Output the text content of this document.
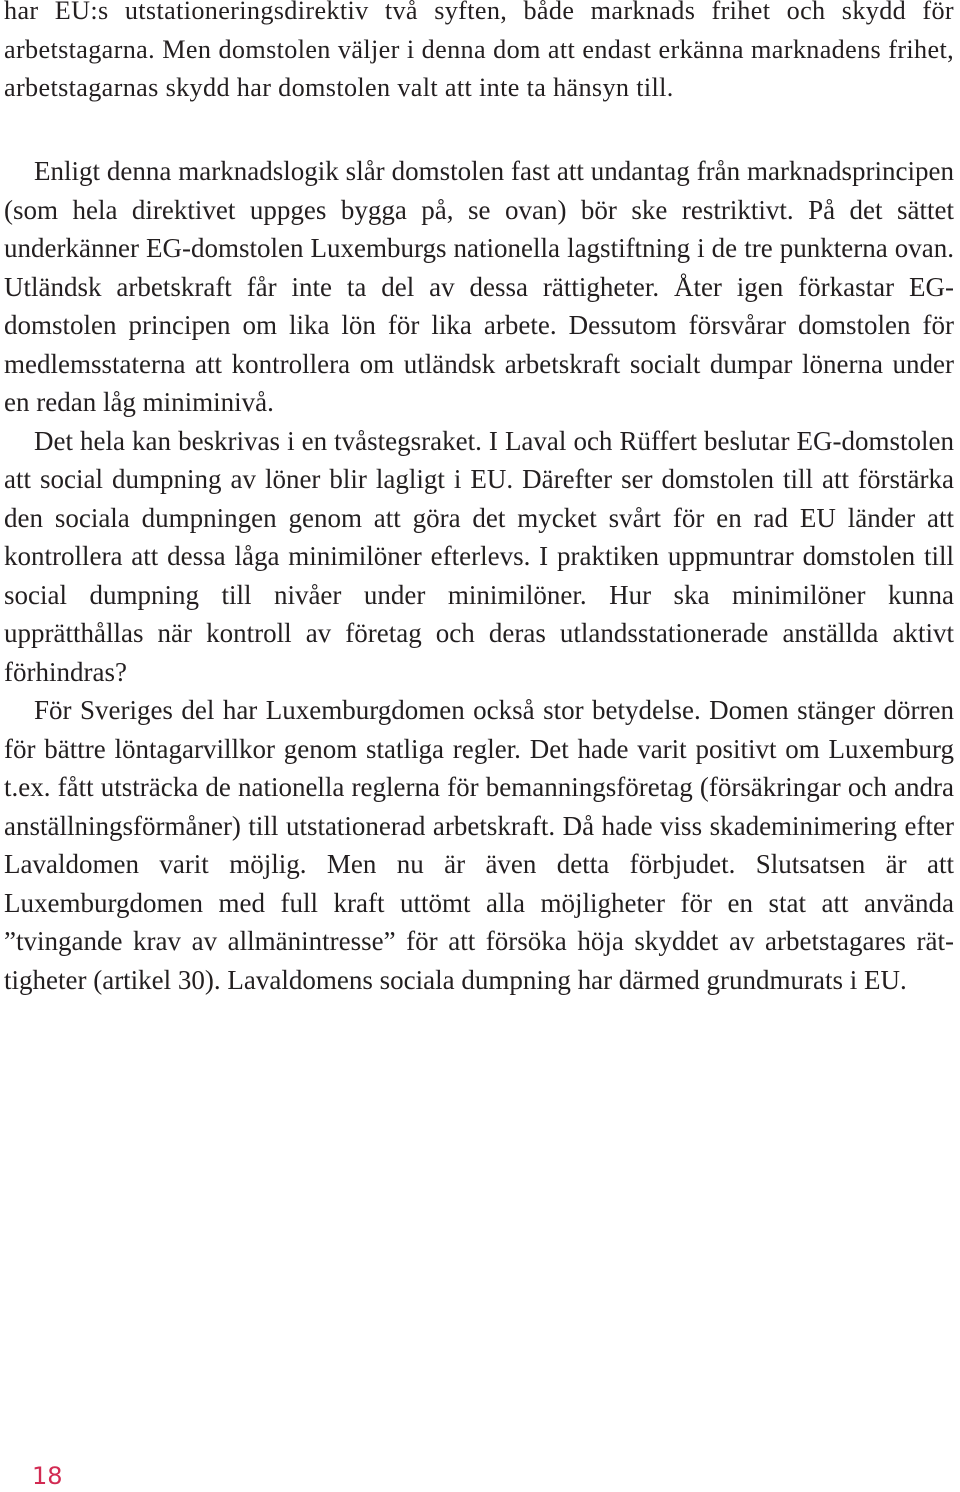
har EU:s utstationeringsdirektiv två syften, både marknads frihet och skydd för arbetstagarna. Men domstolen väljer i denna dom att endast erkänna marknadens frihet, arbetstagarnas skydd har domstolen valt att inte ta hänsyn till.

Enligt denna marknadslogik slår domstolen fast att undantag från marknadsprincipen (som hela direktivet uppges bygga på, se ovan) bör ske restriktivt. På det sättet underkänner EG-domstolen Luxemburgs nationella lagstiftning i de tre punkterna ovan. Utländsk arbetskraft får inte ta del av dessa rättigheter. Åter igen förkastar EG-domstolen principen om lika lön för lika arbete. Dessutom försvårar domstolen för medlemsstaterna att kontrollera om utländsk arbetskraft socialt dumpar lönerna under en redan låg miniminivå.

Det hela kan beskrivas i en tvåstegsraket. I Laval och Rüffert beslutar EG-domstolen att social dumpning av löner blir lagligt i EU. Därefter ser domstolen till att förstärka den sociala dumpningen genom att göra det mycket svårt för en rad EU länder att kontrollera att dessa låga minimilöner efterlevs. I praktiken uppmuntrar domstolen till social dumpning till nivåer under minimilöner. Hur ska minimilöner kunna upprätthållas när kontroll av företag och deras utlandsstationerade anställda aktivt förhindras?

För Sveriges del har Luxemburgdomen också stor betydelse. Domen stänger dörren för bättre löntagarvillkor genom statliga regler. Det hade varit positivt om Luxemburg t.ex. fått utsträcka de nationella reglerna för bemanningsföretag (försäkringar och andra anställningsförmåner) till utstationerad arbetskraft. Då hade viss skademinimering efter Lavaldomen varit möjlig. Men nu är även detta förbjudet. Slutsatsen är att Luxemburgdomen med full kraft uttömt alla möjligheter för en stat att använda ”tvingande krav av allmänintresse” för att försöka höja skyddet av arbetstagares rättigheter (artikel 30). Lavaldomens sociala dumpning har därmed grundmurats i EU.

18
